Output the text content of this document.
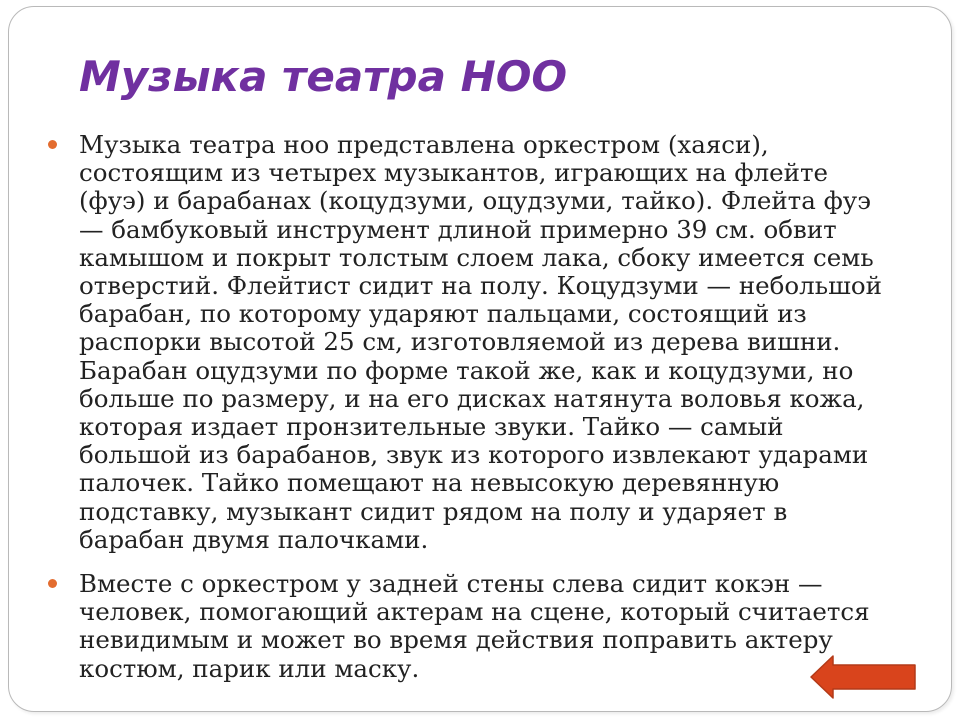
Музыка театра НОО
Музыка театра ноо представлена оркестром (хаяси),
состоящим из четырех музыкантов, играющих на флейте
(фуэ) и барабанах (коцудзуми, оцудзуми, тайко). Флейта фуэ
— бамбуковый инструмент длиной примерно 39 см. обвит
камышом и покрыт толстым слоем лака, сбоку имеется семь
отверстий. Флейтист сидит на полу. Коцудзуми — небольшой
барабан, по которому ударяют пальцами, состоящий из
распорки высотой 25 см, изготовляемой из дерева вишни.
Барабан оцудзуми по форме такой же, как и коцудзуми, но
больше по размеру, и на его дисках натянута воловья кожа,
которая издает пронзительные звуки. Тайко — самый
большой из барабанов, звук из которого извлекают ударами
палочек. Тайко помещают на невысокую деревянную
подставку, музыкант сидит рядом на полу и ударяет в
барабан двумя палочками.
Вместе с оркестром у задней стены слева сидит кокэн —
человек, помогающий актерам на сцене, который считается
невидимым и может во время действия поправить актеру
костюм, парик или маску.
